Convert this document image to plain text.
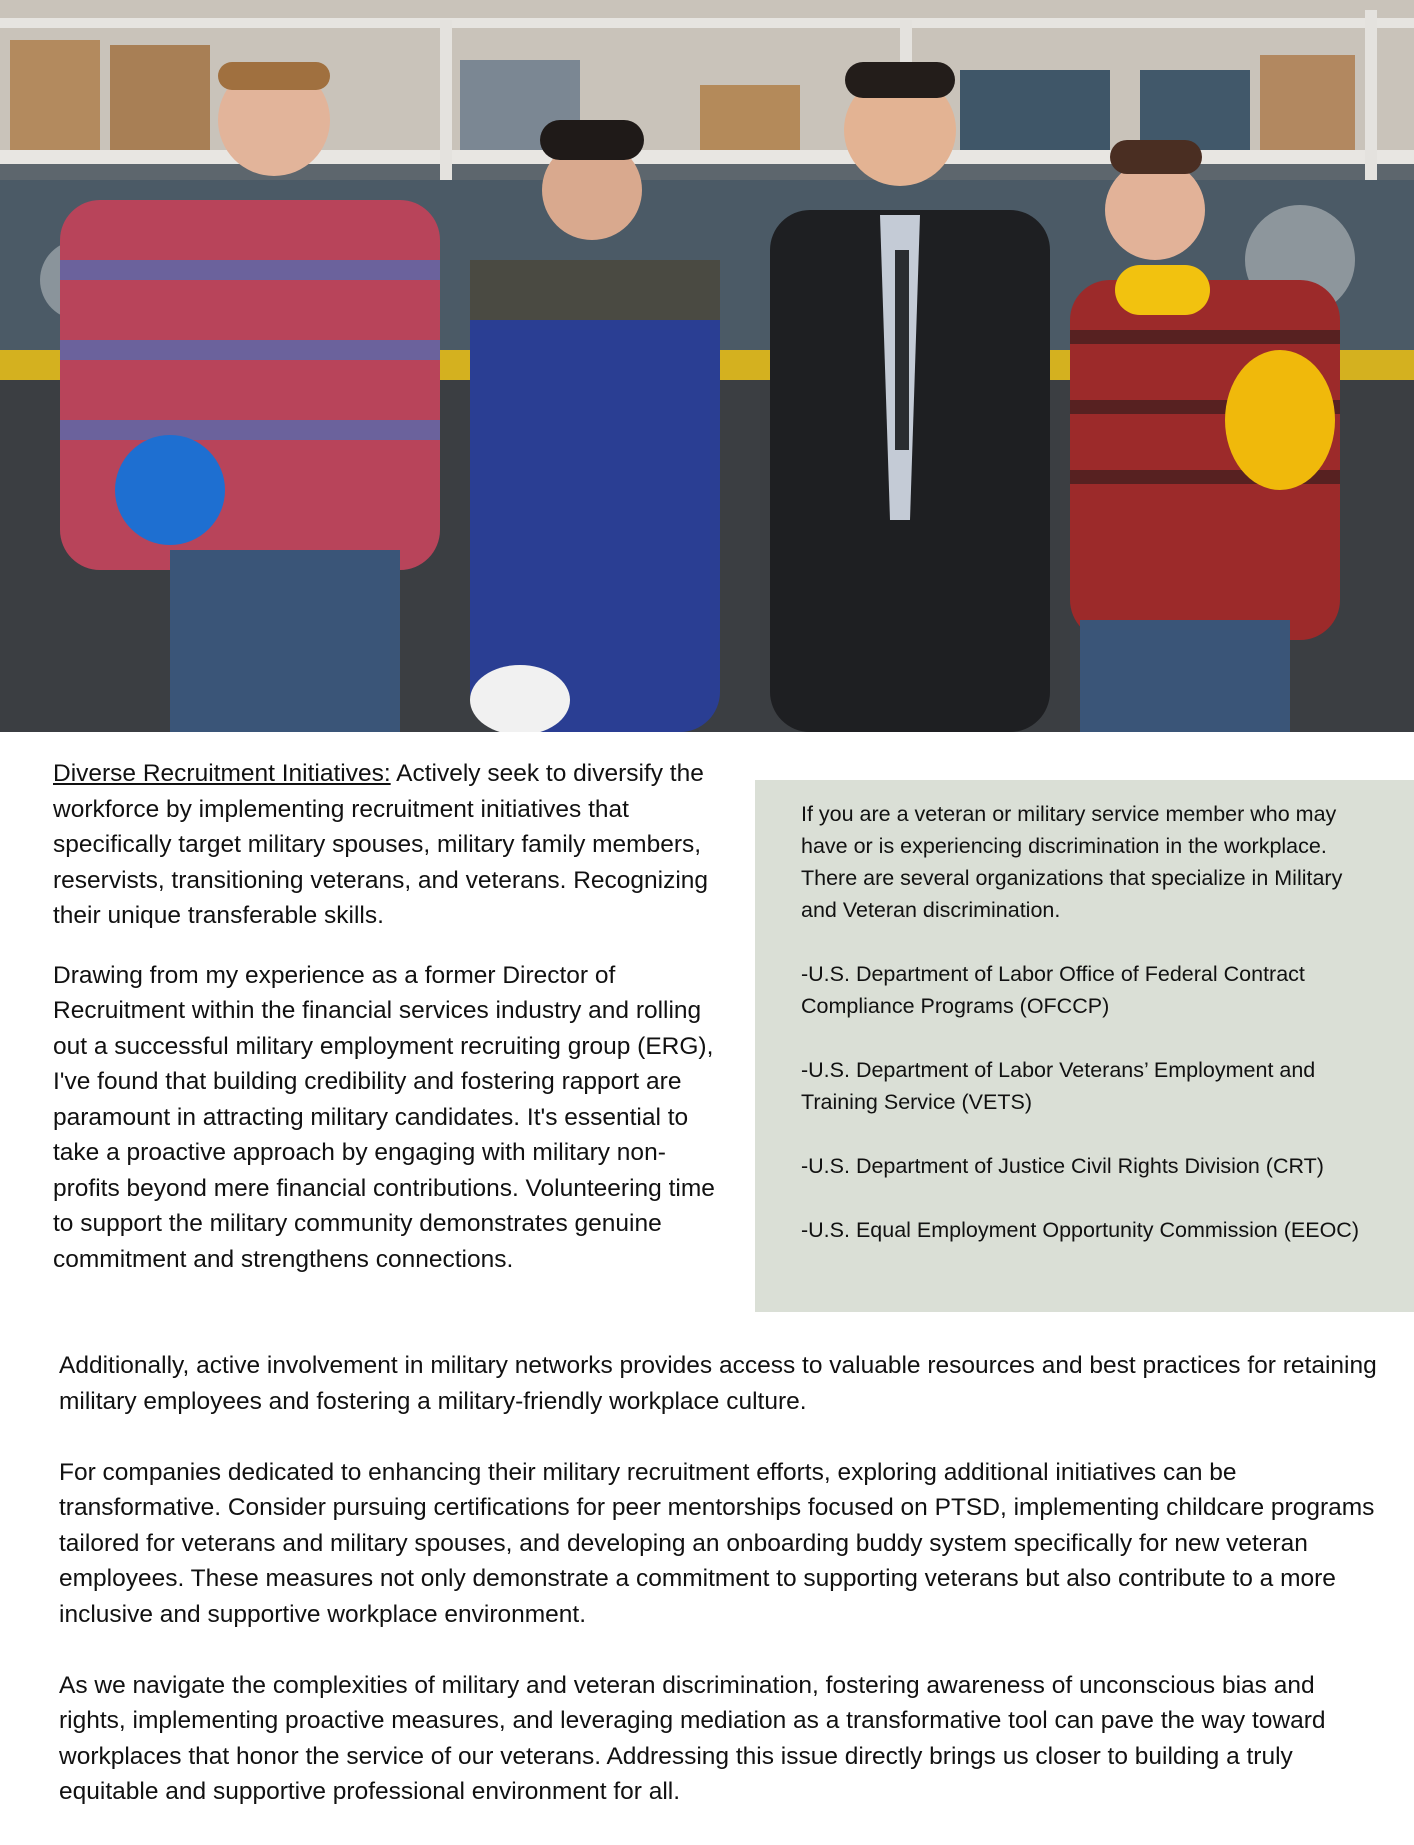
Diverse Recruitment Initiatives: Actively seek to diversify the workforce by implementing recruitment initiatives that specifically target military spouses, military family members, reservists, transitioning veterans, and veterans. Recognizing their unique transferable skills.

Drawing from my experience as a former Director of Recruitment within the financial services industry and rolling out a successful military employment recruiting group (ERG), I've found that building credibility and fostering rapport are paramount in attracting military candidates. It's essential to take a proactive approach by engaging with military non-profits beyond mere financial contributions. Volunteering time to support the military community demonstrates genuine commitment and strengthens connections.

If you are a veteran or military service member who may have or is experiencing discrimination in the workplace. There are several organizations that specialize in Military and Veteran discrimination.

-U.S. Department of Labor Office of Federal Contract Compliance Programs (OFCCP)

-U.S. Department of Labor Veterans’ Employment and Training Service (VETS)

-U.S. Department of Justice Civil Rights Division (CRT)

-U.S. Equal Employment Opportunity Commission (EEOC)

Additionally, active involvement in military networks provides access to valuable resources and best practices for retaining military employees and fostering a military-friendly workplace culture.

For companies dedicated to enhancing their military recruitment efforts, exploring additional initiatives can be transformative. Consider pursuing certifications for peer mentorships focused on PTSD, implementing childcare programs tailored for veterans and military spouses, and developing an onboarding buddy system specifically for new veteran employees. These measures not only demonstrate a commitment to supporting veterans but also contribute to a more inclusive and supportive workplace environment.

As we navigate the complexities of military and veteran discrimination, fostering awareness of unconscious bias and rights, implementing proactive measures, and leveraging mediation as a transformative tool can pave the way toward workplaces that honor the service of our veterans. Addressing this issue directly brings us closer to building a truly equitable and supportive professional environment for all.
